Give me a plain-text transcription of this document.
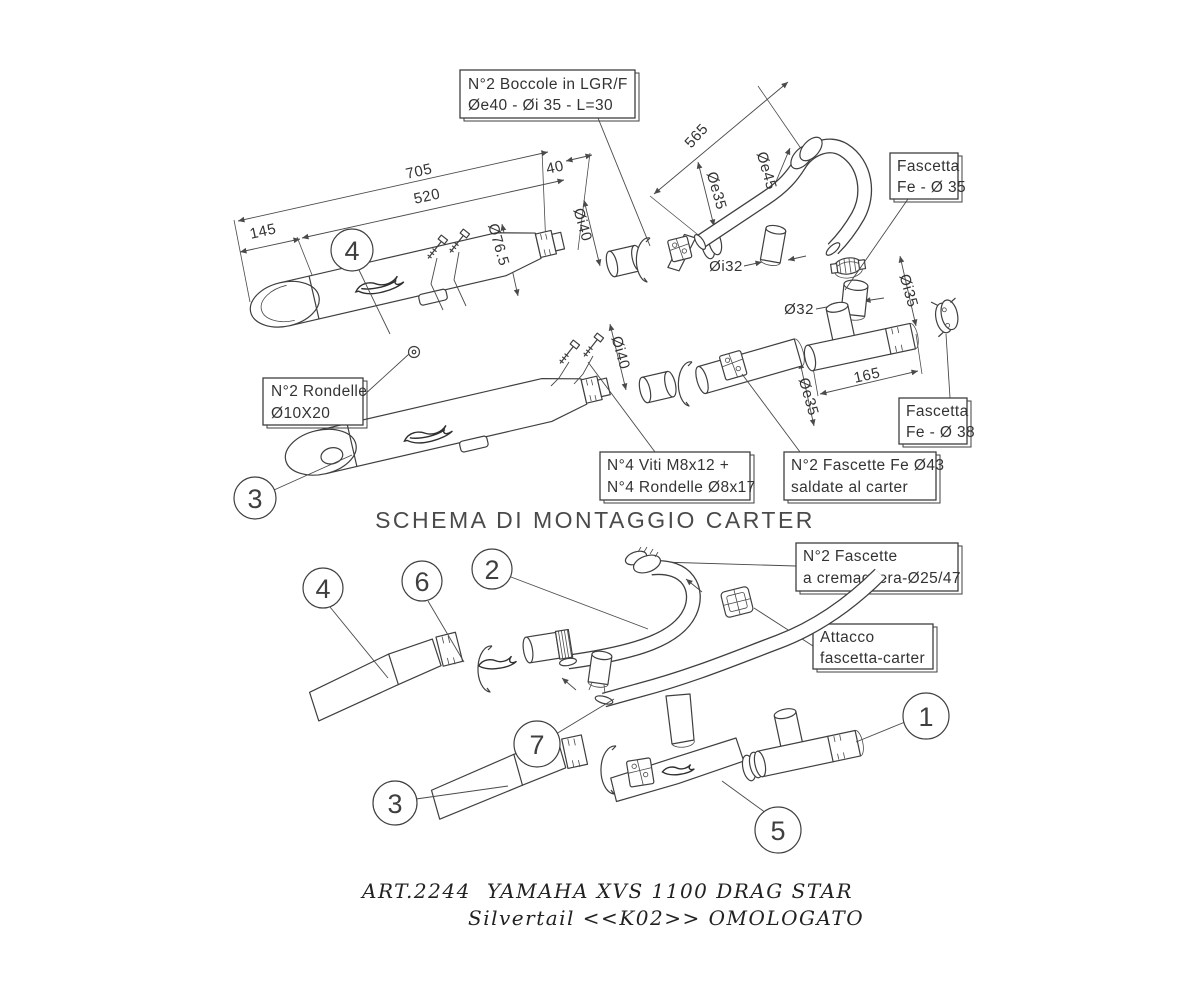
N°2 Boccole in LGR/F
Øe40 - Øi 35 - L=30
Fascetta
Fe - Ø 35
N°2 Rondelle
Ø10X20
N°4 Viti M8x12 +
N°4 Rondelle Ø8x17
N°2 Fascette Fe Ø43
saldate al carter
Fascetta
Fe - Ø 38
N°2 Fascette
a cremagliera-Ø25/47
Attacco
fascetta-carter
145
705
520
40
Ø76.5	Øi40
565
Øe35 Øe45
Øi32
Ø32
Øi35
Øe35
165
Øi40
SCHEMA DI MONTAGGIO CARTER
4
3
4	6 2
7
3
5
1
ART.2244 YAMAHA XVS 1100 DRAG STAR
Silvertail <<K02>> OMOLOGATO
